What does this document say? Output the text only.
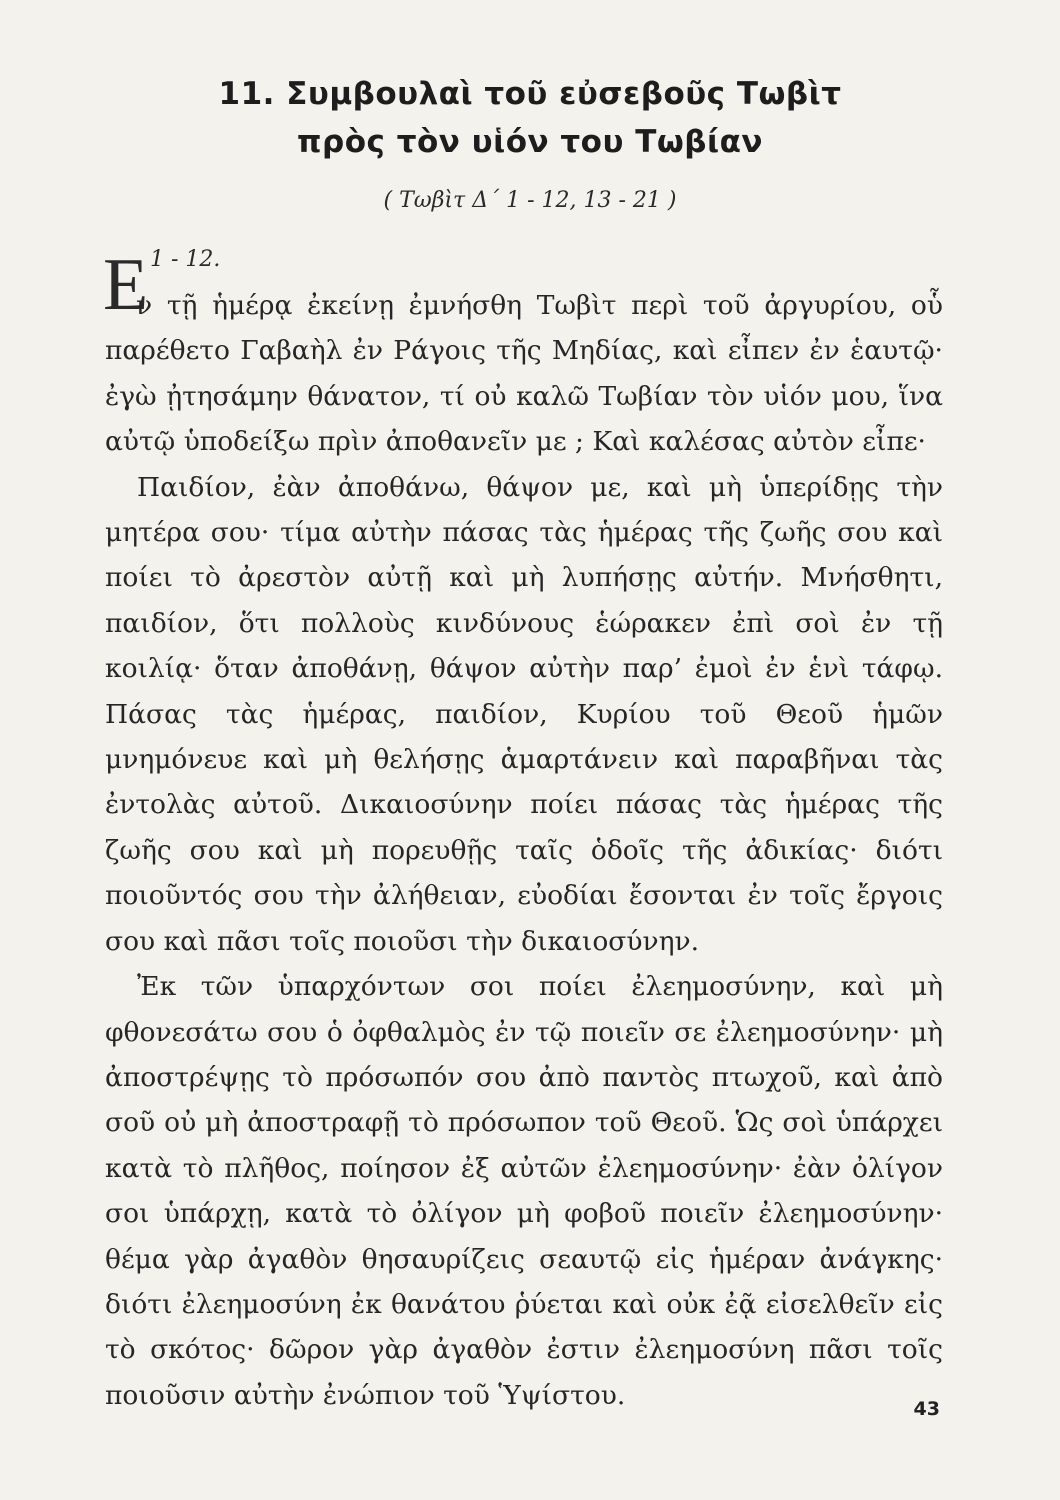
11. Συμβουλαὶ τοῦ εὐσεβοῦς Τωβὶτ
πρὸς τὸν υἱόν του Τωβίαν
( Τωβὶτ Δ΄ 1 - 12, 13 - 21 )
Ε 1 - 12.

ν τῇ ἡμέρᾳ ἐκείνῃ ἐμνήσθη Τωβὶτ περὶ τοῦ ἀργυρίου, οὗ παρέθετο Γαβαὴλ ἐν Ράγοις τῆς Μηδίας, καὶ εἶπεν ἐν ἑαυτῷ· ἐγὼ ᾐτησάμην θάνατον, τί οὐ καλῶ Τωβίαν τὸν υἱόν μου, ἵνα αὐτῷ ὑποδείξω πρὶν ἀποθανεῖν με ; Καὶ καλέσας αὐτὸν εἶπε·

Παιδίον, ἐὰν ἀποθάνω, θάψον με, καὶ μὴ ὑπερίδῃς τὴν μητέρα σου· τίμα αὐτὴν πάσας τὰς ἡμέρας τῆς ζωῆς σου καὶ ποίει τὸ ἀρεστὸν αὐτῇ καὶ μὴ λυπήσῃς αὐτήν. Μνήσθητι, παιδίον, ὅτι πολλοὺς κινδύνους ἑώρακεν ἐπὶ σοὶ ἐν τῇ κοιλίᾳ· ὅταν ἀποθάνῃ, θάψον αὐτὴν παρ’ ἐμοὶ ἐν ἑνὶ τάφῳ. Πάσας τὰς ἡμέρας, παιδίον, Κυρίου τοῦ Θεοῦ ἡμῶν μνημόνευε καὶ μὴ θελήσῃς ἁμαρτάνειν καὶ παραβῆναι τὰς ἐντολὰς αὐτοῦ. Δικαιοσύνην ποίει πάσας τὰς ἡμέρας τῆς ζωῆς σου καὶ μὴ πορευθῇς ταῖς ὁδοῖς τῆς ἀδικίας· διότι ποιοῦντός σου τὴν ἀλήθειαν, εὐοδίαι ἔσονται ἐν τοῖς ἔργοις σου καὶ πᾶσι τοῖς ποιοῦσι τὴν δικαιοσύνην.

Ἐκ τῶν ὑπαρχόντων σοι ποίει ἐλεημοσύνην, καὶ μὴ φθονεσάτω σου ὁ ὀφθαλμὸς ἐν τῷ ποιεῖν σε ἐλεημοσύνην· μὴ ἀποστρέψῃς τὸ πρόσωπόν σου ἀπὸ παντὸς πτωχοῦ, καὶ ἀπὸ σοῦ οὐ μὴ ἀποστραφῇ τὸ πρόσωπον τοῦ Θεοῦ. Ὡς σοὶ ὑπάρχει κατὰ τὸ πλῆθος, ποίησον ἐξ αὐτῶν ἐλεημοσύνην· ἐὰν ὀλίγον σοι ὑπάρχῃ, κατὰ τὸ ὀλίγον μὴ φοβοῦ ποιεῖν ἐλεημοσύνην· θέμα γὰρ ἀγαθὸν θησαυρίζεις σεαυτῷ εἰς ἡμέραν ἀνάγκης· διότι ἐλεημοσύνη ἐκ θανάτου ῥύεται καὶ οὐκ ἐᾷ εἰσελθεῖν εἰς τὸ σκότος· δῶρον γὰρ ἀγαθὸν ἐστιν ἐλεημοσύνη πᾶσι τοῖς ποιοῦσιν αὐτὴν ἐνώπιον τοῦ Ὑψίστου.	43
